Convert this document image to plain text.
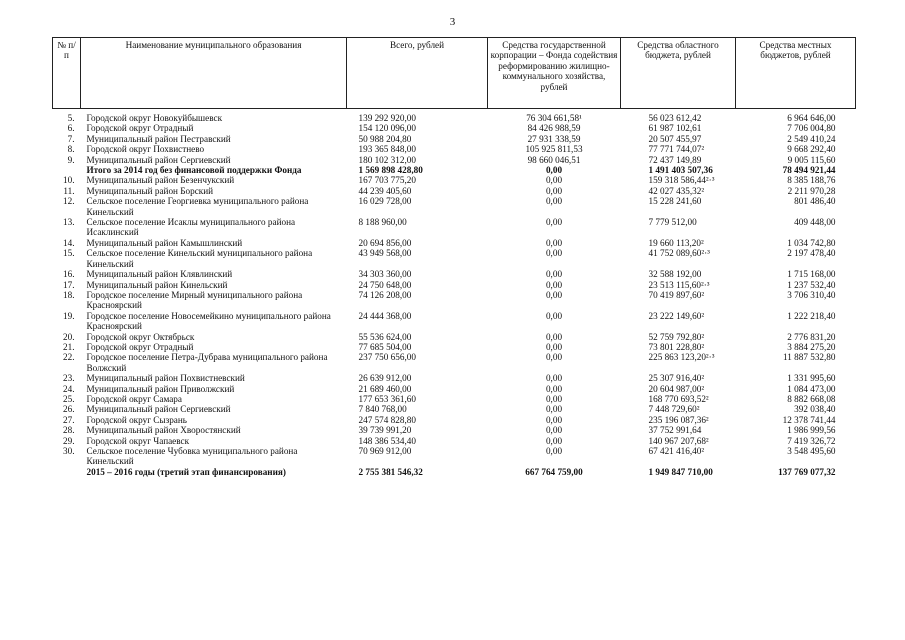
3
№ п/п	Наименование муниципального образования	Всего, рублей	Средства государственной корпорации – Фонда содействия реформированию жилищно-коммунального хозяйства, рублей	Средства областного бюджета, рублей	Средства местных бюджетов, рублей
5.	Городской округ Новокуйбышевск	139 292 920,00	76 304 661,58¹	56 023 612,42	6 964 646,00
6.	Городской округ Отрадный	154 120 096,00	84 426 988,59	61 987 102,61	7 706 004,80
7.	Муниципальный район Пестравский	50 988 204,80	27 931 338,59	20 507 455,97	2 549 410,24
8.	Городской округ Похвистнево	193 365 848,00	105 925 811,53	77 771 744,07²	9 668 292,40
9.	Муниципальный район Сергиевский	180 102 312,00	98 660 046,51	72 437 149,89	9 005 115,60
	Итого за 2014 год без финансовой поддержки Фонда	1 569 898 428,80	0,00	1 491 403 507,36	78 494 921,44
10.	Муниципальный район Безенчукский	167 703 775,20	0,00	159 318 586,44²·³	8 385 188,76
11.	Муниципальный район Борский	44 239 405,60	0,00	42 027 435,32²	2 211 970,28
12.	Сельское поселение Георгиевка муниципального района Кинельский	16 029 728,00	0,00	15 228 241,60	801 486,40
13.	Сельское поселение Исаклы муниципального района Исаклинский	8 188 960,00	0,00	7 779 512,00	409 448,00
14.	Муниципальный район Камышлинский	20 694 856,00	0,00	19 660 113,20²	1 034 742,80
15.	Сельское поселение Кинельский муниципального района Кинельский	43 949 568,00	0,00	41 752 089,60²·³	2 197 478,40
16.	Муниципальный район Клявлинский	34 303 360,00	0,00	32 588 192,00	1 715 168,00
17.	Муниципальный район Кинельский	24 750 648,00	0,00	23 513 115,60²·³	1 237 532,40
18.	Городское поселение Мирный муниципального района Красноярский	74 126 208,00	0,00	70 419 897,60²	3 706 310,40
19.	Городское поселение Новосемейкино муниципального района Красноярский	24 444 368,00	0,00	23 222 149,60²	1 222 218,40
20.	Городской округ Октябрьск	55 536 624,00	0,00	52 759 792,80²	2 776 831,20
21.	Городской округ Отрадный	77 685 504,00	0,00	73 801 228,80²	3 884 275,20
22.	Городское поселение Петра-Дубрава муниципального района Волжский	237 750 656,00	0,00	225 863 123,20²·³	11 887 532,80
23.	Муниципальный район Похвистневский	26 639 912,00	0,00	25 307 916,40²	1 331 995,60
24.	Муниципальный район Приволжский	21 689 460,00	0,00	20 604 987,00²	1 084 473,00
25.	Городской округ Самара	177 653 361,60	0,00	168 770 693,52²	8 882 668,08
26.	Муниципальный район Сергиевский	7 840 768,00	0,00	7 448 729,60²	392 038,40
27.	Городской округ Сызрань	247 574 828,80	0,00	235 196 087,36²	12 378 741,44
28.	Муниципальный район Хворостянский	39 739 991,20	0,00	37 752 991,64	1 986 999,56
29.	Городской округ Чапаевск	148 386 534,40	0,00	140 967 207,68²	7 419 326,72
30.	Сельское поселение Чубовка муниципального района Кинельский	70 969 912,00	0,00	67 421 416,40²	3 548 495,60
	2015 – 2016 годы (третий этап финансирования)	2 755 381 546,32	667 764 759,00	1 949 847 710,00	137 769 077,32
